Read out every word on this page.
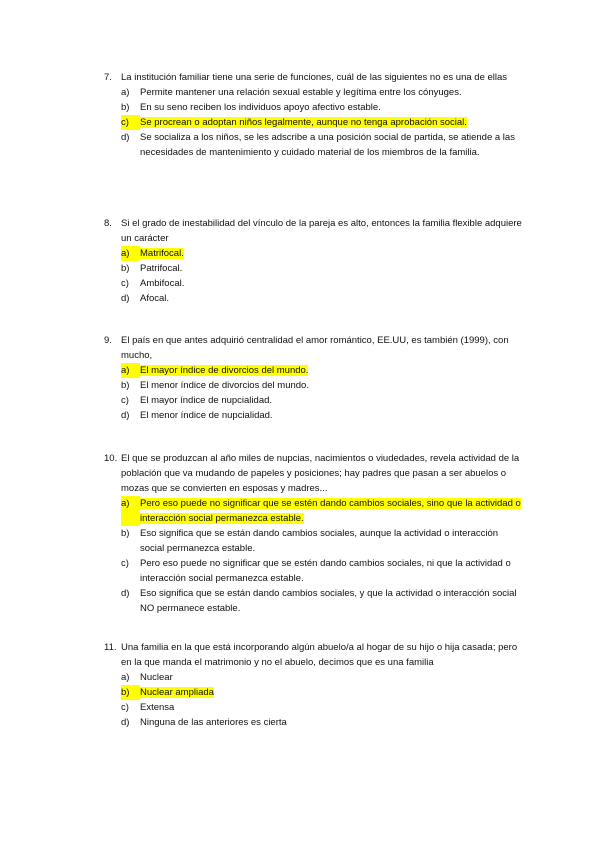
7. La institución familiar tiene una serie de funciones, cuál de las siguientes no es una de ellas
a)	Permite mantener una relación sexual estable y legítima entre los cónyuges.
b)	En su seno reciben los individuos apoyo afectivo estable.
c)	Se procrean o adoptan niños legalmente, aunque no tenga aprobación social.
d)	Se socializa a los niños, se les adscribe a una posición social de partida, se atiende a las necesidades de mantenimiento y cuidado material de los miembros de la familia.
8. Si el grado de inestabilidad del vínculo de la pareja es alto, entonces la familia flexible adquiere un carácter
a)	Matrifocal.
b)	Patrifocal.
c)	Ambifocal.
d)	Afocal.
9. El país en que antes adquirió centralidad el amor romántico, EE.UU, es también (1999), con mucho,
a)	El mayor índice de divorcios del mundo.
b)	El menor índice de divorcios del mundo.
c)	El mayor índice de nupcialidad.
d)	El menor índice de nupcialidad.
10. El que se produzcan al año miles de nupcias, nacimientos o viudedades, revela actividad de la población que va mudando de papeles y posiciones; hay padres que pasan a ser abuelos o mozas que se convierten en esposas y madres...
a)	Pero eso puede no significar que se estén dando cambios sociales, sino que la actividad o interacción social permanezca estable.
b)	Eso significa que se están dando cambios sociales, aunque la actividad o interacción social permanezca estable.
c)	Pero eso puede no significar que se estén dando cambios sociales, ni que la actividad o interacción social permanezca estable.
d)	Eso significa que se están dando cambios sociales, y que la actividad o interacción social NO permanece estable.
11. Una familia en la que está incorporando algún abuelo/a al hogar de su hijo o hija casada; pero en la que manda el matrimonio y no el abuelo, decimos que es una familia
a)	Nuclear
b)	Nuclear ampliada
c)	Extensa
d)	Ninguna de las anteriores es cierta
